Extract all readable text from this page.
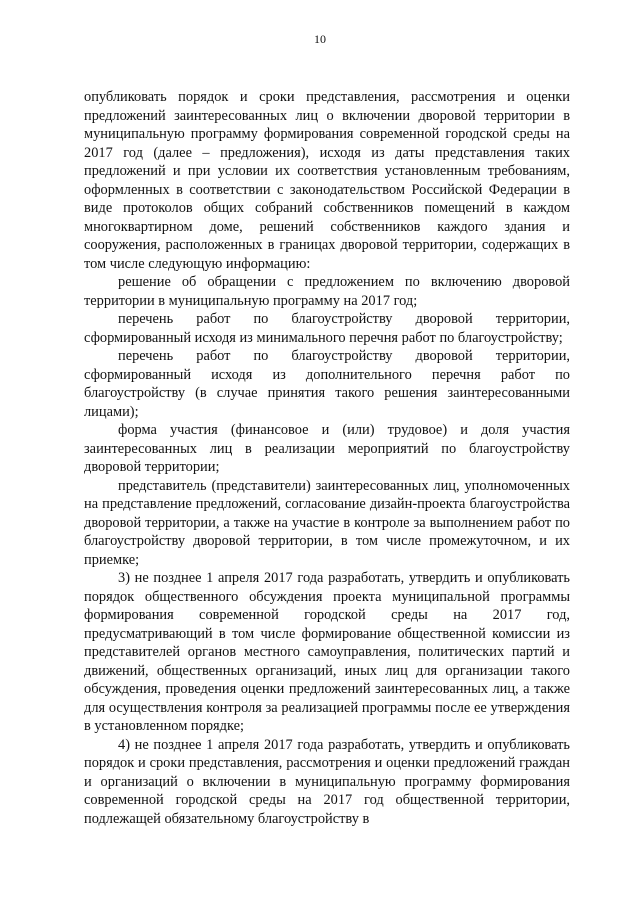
10

опубликовать порядок и сроки представления, рассмотрения и оценки предложений заинтересованных лиц о включении дворовой территории в муниципальную программу формирования современной городской среды на 2017 год (далее – предложения), исходя из даты представления таких предложений и при условии их соответствия установленным требованиям, оформленных в соответствии с законодательством Российской Федерации в виде протоколов общих собраний собственников помещений в каждом многоквартирном доме, решений собственников каждого здания и сооружения, расположенных в границах дворовой территории, содержащих в том числе следующую информацию:

решение об обращении с предложением по включению дворовой территории в муниципальную программу на 2017 год;

перечень работ по благоустройству дворовой территории, сформированный исходя из минимального перечня работ по благоустройству;

перечень работ по благоустройству дворовой территории, сформированный исходя из дополнительного перечня работ по благоустройству (в случае принятия такого решения заинтересованными лицами);

форма участия (финансовое и (или) трудовое) и доля участия заинтересованных лиц в реализации мероприятий по благоустройству дворовой территории;

представитель (представители) заинтересованных лиц, уполномоченных на представление предложений, согласование дизайн-проекта благоустройства дворовой территории, а также на участие в контроле за выполнением работ по благоустройству дворовой территории, в том числе промежуточном, и их приемке;

3) не позднее 1 апреля 2017 года разработать, утвердить и опубликовать порядок общественного обсуждения проекта муниципальной программы формирования современной городской среды на 2017 год, предусматривающий в том числе формирование общественной комиссии из представителей органов местного самоуправления, политических партий и движений, общественных организаций, иных лиц для организации такого обсуждения, проведения оценки предложений заинтересованных лиц, а также для осуществления контроля за реализацией программы после ее утверждения в установленном порядке;

4) не позднее 1 апреля 2017 года разработать, утвердить и опубликовать порядок и сроки представления, рассмотрения и оценки предложений граждан и организаций о включении в муниципальную программу формирования современной городской среды на 2017 год общественной территории, подлежащей обязательному благоустройству в
